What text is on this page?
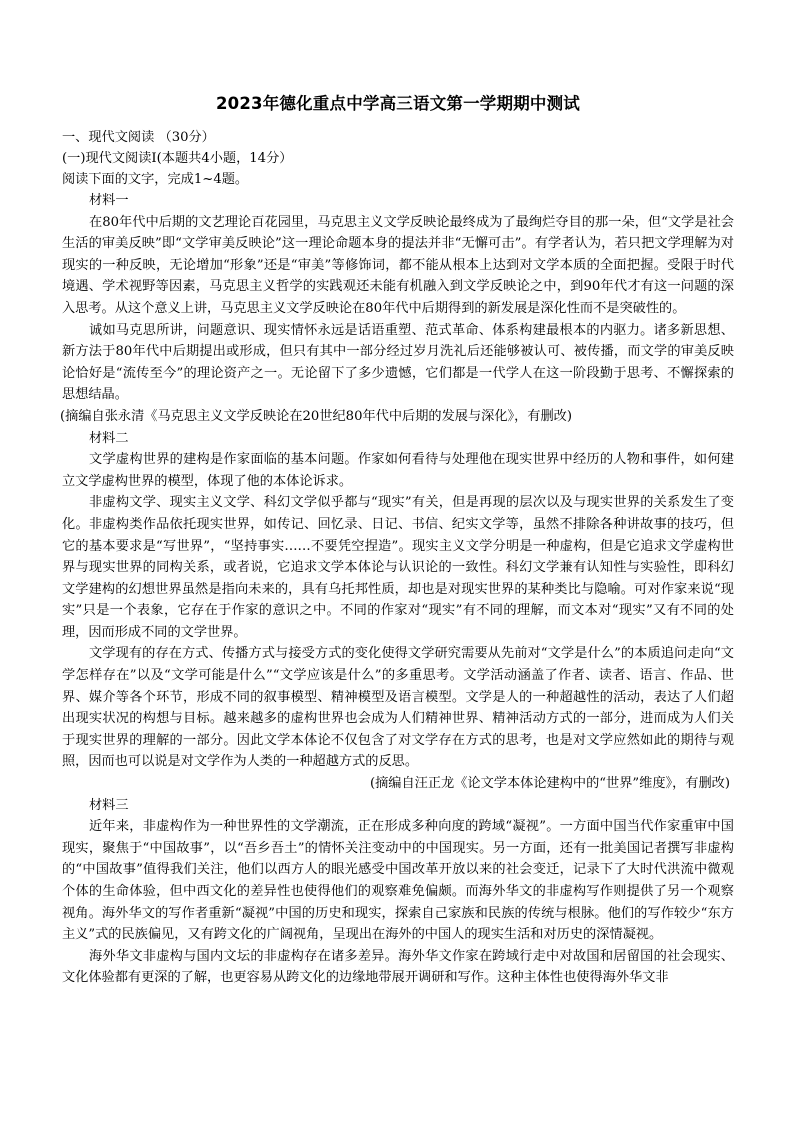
2023年德化重点中学高三语文第一学期期中测试

一、现代文阅读 （30分）

(一)现代文阅读Ⅰ(本题共4小题，14分）

阅读下面的文字，完成1~4题。

材料一

在80年代中后期的文艺理论百花园里，马克思主义文学反映论最终成为了最绚烂夺目的那一朵，但“文学是社会生活的审美反映”即“文学审美反映论”这一理论命题本身的提法并非“无懈可击”。有学者认为，若只把文学理解为对现实的一种反映，无论增加“形象”还是“审美”等修饰词，都不能从根本上达到对文学本质的全面把握。受限于时代境遇、学术视野等因素，马克思主义哲学的实践观还未能有机融入到文学反映论之中，到90年代才有这一问题的深入思考。从这个意义上讲，马克思主义文学反映论在80年代中后期得到的新发展是深化性而不是突破性的。

诚如马克思所讲，问题意识、现实情怀永远是话语重塑、范式革命、体系构建最根本的内驱力。诸多新思想、新方法于80年代中后期提出或形成，但只有其中一部分经过岁月洗礼后还能够被认可、被传播，而文学的审美反映论恰好是“流传至今”的理论资产之一。无论留下了多少遗憾，它们都是一代学人在这一阶段勤于思考、不懈探索的思想结晶。

(摘编自张永清《马克思主义文学反映论在20世纪80年代中后期的发展与深化》，有删改)

材料二

文学虚构世界的建构是作家面临的基本问题。作家如何看待与处理他在现实世界中经历的人物和事件，如何建立文学虚构世界的模型，体现了他的本体论诉求。

非虚构文学、现实主义文学、科幻文学似乎都与“现实”有关，但是再现的层次以及与现实世界的关系发生了变化。非虚构类作品依托现实世界，如传记、回忆录、日记、书信、纪实文学等，虽然不排除各种讲故事的技巧，但它的基本要求是“写世界”，“坚持事实……不要凭空捏造”。现实主义文学分明是一种虚构，但是它追求文学虚构世界与现实世界的同构关系，或者说，它追求文学本体论与认识论的一致性。科幻文学兼有认知性与实验性，即科幻文学建构的幻想世界虽然是指向未来的，具有乌托邦性质，却也是对现实世界的某种类比与隐喻。可对作家来说“现实”只是一个表象，它存在于作家的意识之中。不同的作家对“现实”有不同的理解，而文本对“现实”又有不同的处理，因而形成不同的文学世界。

文学现有的存在方式、传播方式与接受方式的变化使得文学研究需要从先前对“文学是什么”的本质追问走向“文学怎样存在”以及“文学可能是什么”“文学应该是什么”的多重思考。文学活动涵盖了作者、读者、语言、作品、世界、媒介等各个环节，形成不同的叙事模型、精神模型及语言模型。文学是人的一种超越性的活动，表达了人们超出现实状况的构想与目标。越来越多的虚构世界也会成为人们精神世界、精神活动方式的一部分，进而成为人们关于现实世界的理解的一部分。因此文学本体论不仅包含了对文学存在方式的思考，也是对文学应然如此的期待与观照，因而也可以说是对文学作为人类的一种超越方式的反思。

(摘编自汪正龙《论文学本体论建构中的“世界”维度》，有删改)

材料三

近年来，非虚构作为一种世界性的文学潮流，正在形成多种向度的跨域“凝视”。一方面中国当代作家重审中国现实，聚焦于“中国故事”，以“吾乡吾土”的情怀关注变动中的中国现实。另一方面，还有一批美国记者撰写非虚构的“中国故事”值得我们关注，他们以西方人的眼光感受中国改革开放以来的社会变迁，记录下了大时代洪流中微观个体的生命体验，但中西文化的差异性也使得他们的观察难免偏颇。而海外华文的非虚构写作则提供了另一个观察视角。海外华文的写作者重新“凝视”中国的历史和现实，探索自己家族和民族的传统与根脉。他们的写作较少“东方主义”式的民族偏见，又有跨文化的广阔视角，呈现出在海外的中国人的现实生活和对历史的深情凝视。

海外华文非虚构与国内文坛的非虚构存在诸多差异。海外华文作家在跨域行走中对故国和居留国的社会现实、文化体验都有更深的了解，也更容易从跨文化的边缘地带展开调研和写作。这种主体性也使得海外华文非
